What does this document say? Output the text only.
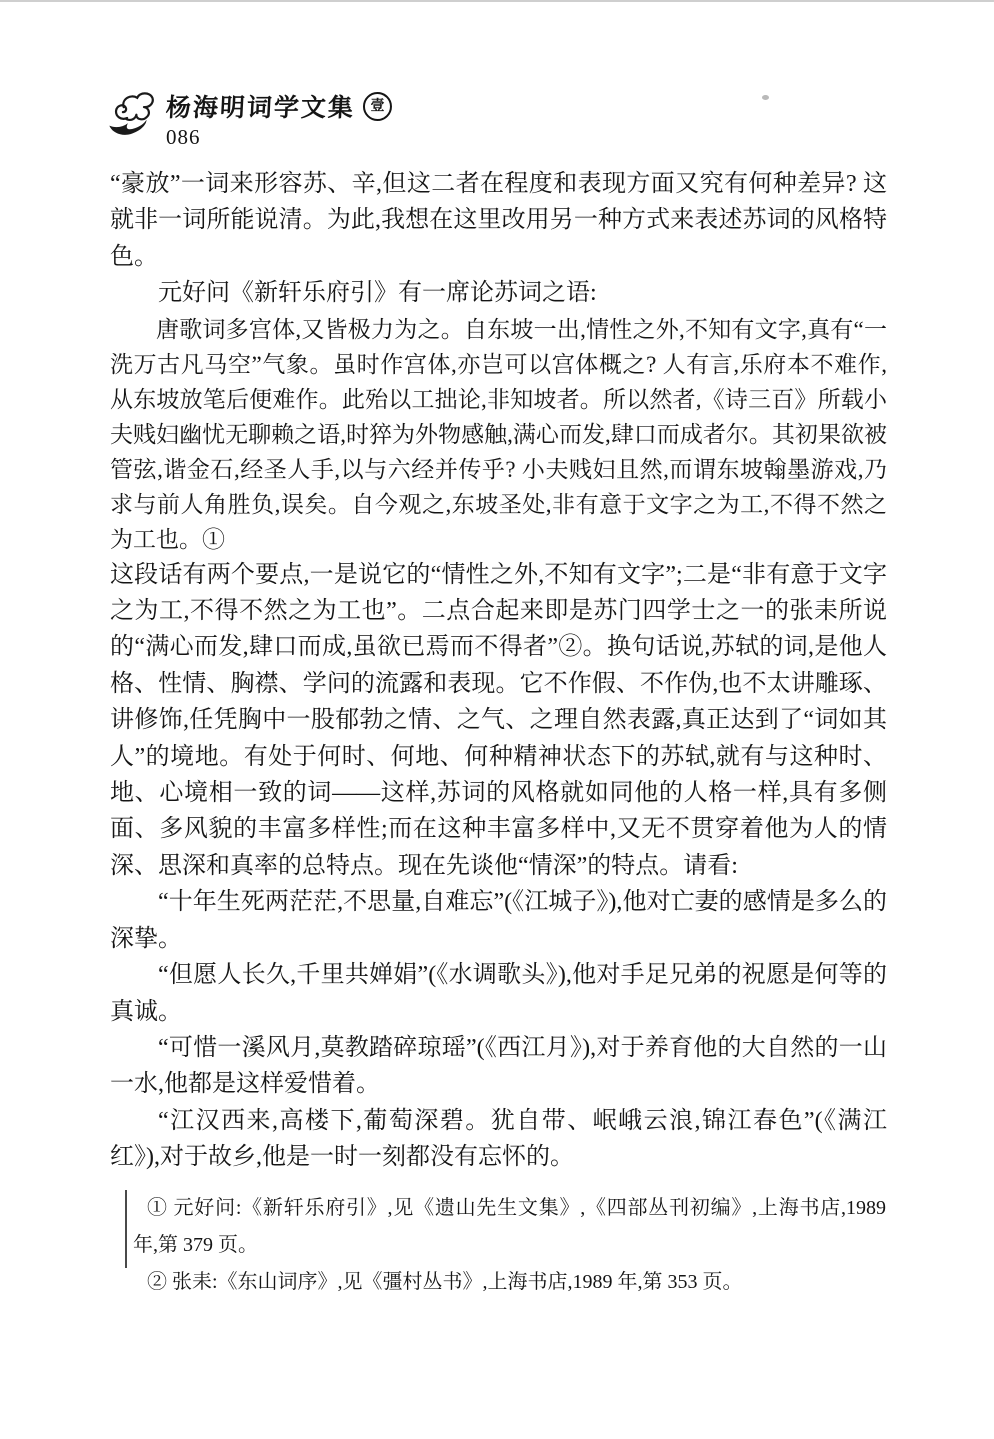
杨海明词学文集	壹
086

“豪放”一词来形容苏、辛,但这二者在程度和表现方面又究有何种差异? 这就非一词所能说清。为此,我想在这里改用另一种方式来表述苏词的风格特色。

元好问《新轩乐府引》有一席论苏词之语:

唐歌词多宫体,又皆极力为之。自东坡一出,情性之外,不知有文字,真有“一洗万古凡马空”气象。虽时作宫体,亦岂可以宫体概之? 人有言,乐府本不难作,从东坡放笔后便难作。此殆以工拙论,非知坡者。所以然者,《诗三百》所载小夫贱妇幽忧无聊赖之语,时猝为外物感触,满心而发,肆口而成者尔。其初果欲被管弦,谐金石,经圣人手,以与六经并传乎? 小夫贱妇且然,而谓东坡翰墨游戏,乃求与前人角胜负,误矣。自今观之,东坡圣处,非有意于文字之为工,不得不然之为工也。①

这段话有两个要点,一是说它的“情性之外,不知有文字”;二是“非有意于文字之为工,不得不然之为工也”。二点合起来即是苏门四学士之一的张耒所说的“满心而发,肆口而成,虽欲已焉而不得者”②。换句话说,苏轼的词,是他人格、性情、胸襟、学问的流露和表现。它不作假、不作伪,也不太讲雕琢、讲修饰,任凭胸中一股郁勃之情、之气、之理自然表露,真正达到了“词如其人”的境地。有处于何时、何地、何种精神状态下的苏轼,就有与这种时、地、心境相一致的词——这样,苏词的风格就如同他的人格一样,具有多侧面、多风貌的丰富多样性;而在这种丰富多样中,又无不贯穿着他为人的情深、思深和真率的总特点。现在先谈他“情深”的特点。请看:

“十年生死两茫茫,不思量,自难忘”(《江城子》),他对亡妻的感情是多么的深挚。

“但愿人长久,千里共婵娟”(《水调歌头》),他对手足兄弟的祝愿是何等的真诚。

“可惜一溪风月,莫教踏碎琼瑶”(《西江月》),对于养育他的大自然的一山一水,他都是这样爱惜着。

“江汉西来,高楼下,葡萄深碧。犹自带、岷峨云浪,锦江春色”(《满江红》),对于故乡,他是一时一刻都没有忘怀的。

① 元好问:《新轩乐府引》,见《遗山先生文集》,《四部丛刊初编》,上海书店,1989 年,第 379 页。

② 张耒:《东山词序》,见《彊村丛书》,上海书店,1989 年,第 353 页。
